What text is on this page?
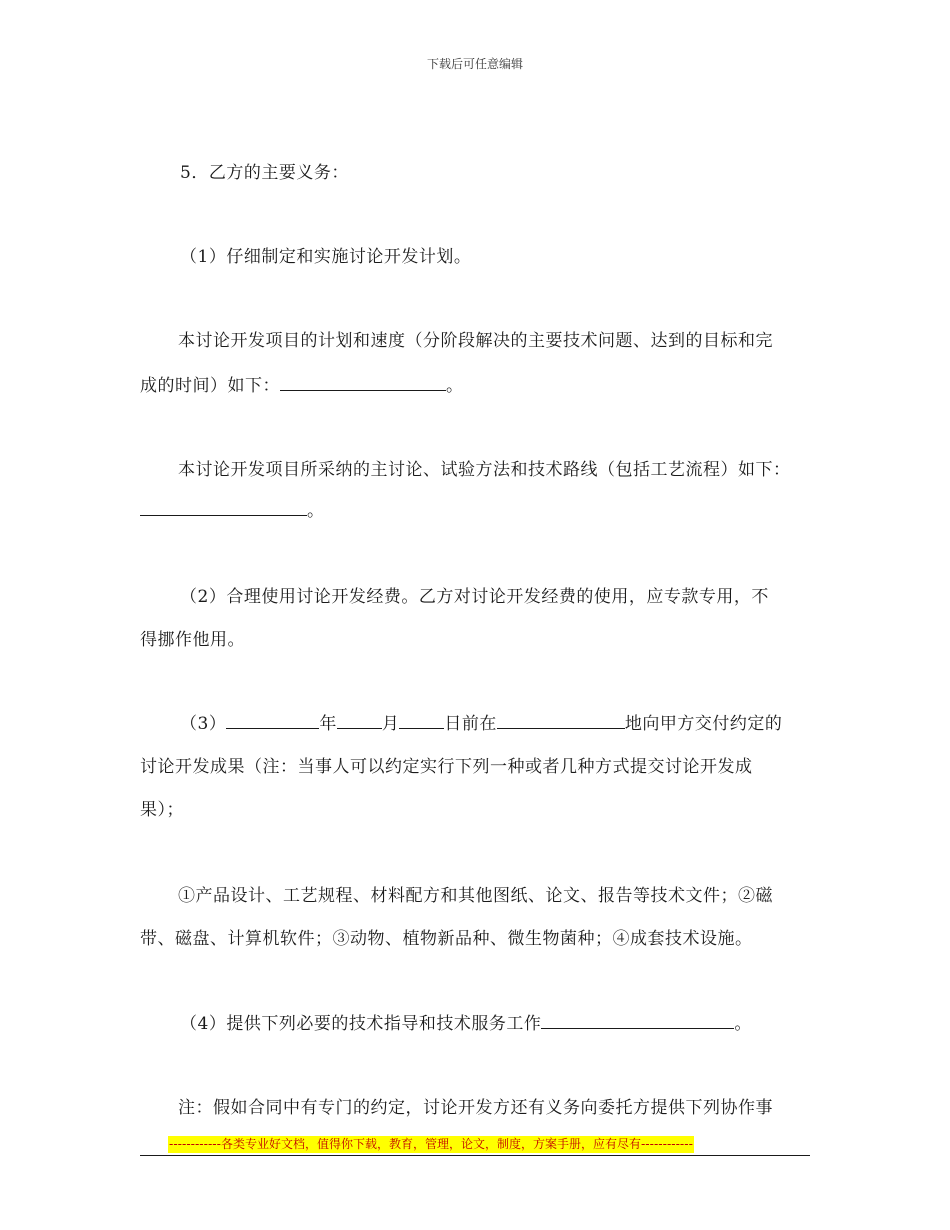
下载后可任意编辑
5．乙方的主要义务：
（1）仔细制定和实施讨论开发计划。
本讨论开发项目的计划和速度（分阶段解决的主要技术问题、达到的目标和完
成的时间）如下：	。
本讨论开发项目所采纳的主讨论、试验方法和技术路线（包括工艺流程）如下：
。
（2）合理使用讨论开发经费。乙方对讨论开发经费的使用，应专款专用，不
得挪作他用。
（3）	年	月	日前在	地向甲方交付约定的
讨论开发成果（注：当事人可以约定实行下列一种或者几种方式提交讨论开发成
果）；
①产品设计、工艺规程、材料配方和其他图纸、论文、报告等技术文件；②磁
带、磁盘、计算机软件；③动物、植物新品种、微生物菌种；④成套技术设施。
（4）提供下列必要的技术指导和技术服务工作	。
注：假如合同中有专门的约定，讨论开发方还有义务向委托方提供下列协作事
------------各类专业好文档，值得你下载，教育，管理，论文，制度，方案手册，应有尽有------------
